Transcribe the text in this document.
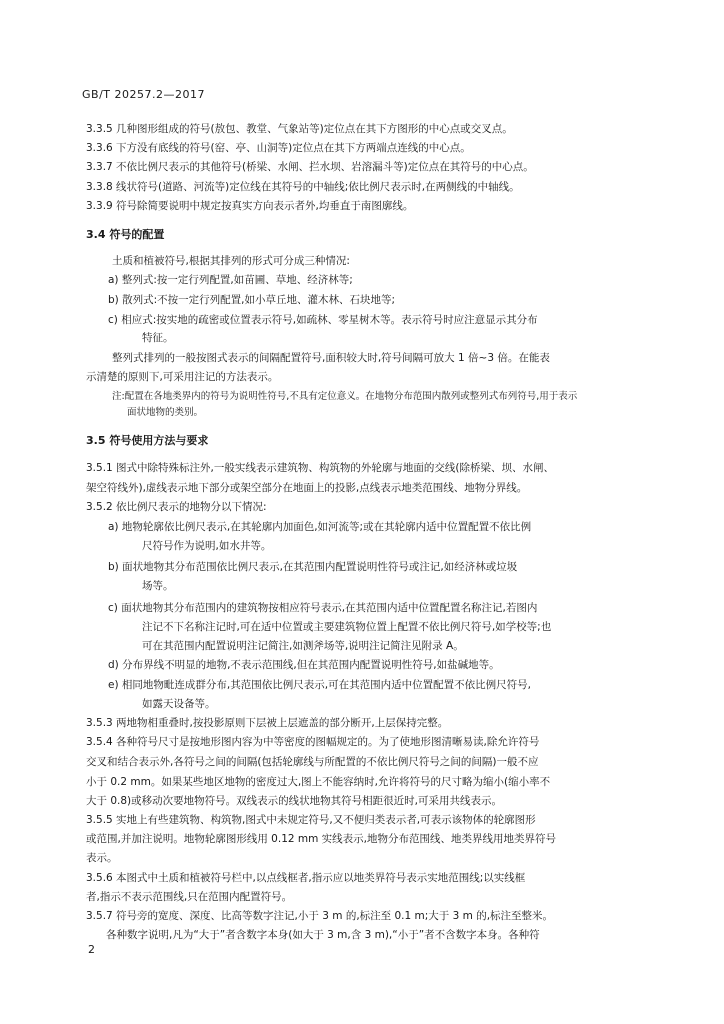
GB/T 20257.2—2017
3.3.5 几种图形组成的符号(敖包、教堂、气象站等)定位点在其下方图形的中心点或交叉点。
3.3.6 下方没有底线的符号(窑、亭、山洞等)定位点在其下方两端点连线的中心点。
3.3.7 不依比例尺表示的其他符号(桥梁、水闸、拦水坝、岩溶漏斗等)定位点在其符号的中心点。
3.3.8 线状符号(道路、河流等)定位线在其符号的中轴线;依比例尺表示时,在两侧线的中轴线。
3.3.9 符号除简要说明中规定按真实方向表示者外,均垂直于南图廓线。
3.4 符号的配置
土质和植被符号,根据其排列的形式可分成三种情况:
a) 整列式:按一定行列配置,如苗圃、草地、经济林等;
b) 散列式:不按一定行列配置,如小草丘地、灌木林、石块地等;
c) 相应式:按实地的疏密或位置表示符号,如疏林、零星树木等。表示符号时应注意显示其分布
特征。
整列式排列的一般按图式表示的间隔配置符号,面积较大时,符号间隔可放大 1 倍~3 倍。在能表
示清楚的原则下,可采用注记的方法表示。
注:配置在各地类界内的符号为说明性符号,不具有定位意义。在地物分布范围内散列或整列式布列符号,用于表示
面状地物的类别。
3.5 符号使用方法与要求
3.5.1 图式中除特殊标注外,一般实线表示建筑物、构筑物的外轮廓与地面的交线(除桥梁、坝、水闸、
架空符线外),虚线表示地下部分或架空部分在地面上的投影,点线表示地类范围线、地物分界线。
3.5.2 依比例尺表示的地物分以下情况:
a) 地物轮廓依比例尺表示,在其轮廓内加面色,如河流等;或在其轮廓内适中位置配置不依比例
尺符号作为说明,如水井等。
b) 面状地物其分布范围依比例尺表示,在其范围内配置说明性符号或注记,如经济林或垃圾
场等。
c) 面状地物其分布范围内的建筑物按相应符号表示,在其范围内适中位置配置名称注记,若图内
注记不下名称注记时,可在适中位置或主要建筑物位置上配置不依比例尺符号,如学校等;也
可在其范围内配置说明注记简注,如测斧场等,说明注记简注见附录 A。
d) 分布界线不明显的地物,不表示范围线,但在其范围内配置说明性符号,如盐碱地等。
e) 相同地物毗连成群分布,其范围依比例尺表示,可在其范围内适中位置配置不依比例尺符号,
如露天设备等。
3.5.3 两地物相重叠时,按投影原则下层被上层遮盖的部分断开,上层保持完整。
3.5.4 各种符号尺寸是按地形图内容为中等密度的图幅规定的。为了使地形图清晰易读,除允许符号
交叉和结合表示外,各符号之间的间隔(包括轮廓线与所配置的不依比例尺符号之间的间隔)一般不应
小于 0.2 mm。如果某些地区地物的密度过大,图上不能容纳时,允许将符号的尺寸略为缩小(缩小率不
大于 0.8)或移动次要地物符号。双线表示的线状地物其符号相距很近时,可采用共线表示。
3.5.5 实地上有些建筑物、构筑物,图式中未规定符号,又不便归类表示者,可表示该物体的轮廓图形
或范围,并加注说明。地物轮廓图形线用 0.12 mm 实线表示,地物分布范围线、地类界线用地类界符号
表示。
3.5.6 本图式中土质和植被符号栏中,以点线框者,指示应以地类界符号表示实地范围线;以实线框
者,指示不表示范围线,只在范围内配置符号。
3.5.7 符号旁的宽度、深度、比高等数字注记,小于 3 m 的,标注至 0.1 m;大于 3 m 的,标注至整米。
各种数字说明,凡为“大于”者含数字本身(如大于 3 m,含 3 m),“小于”者不含数字本身。各种符
2
